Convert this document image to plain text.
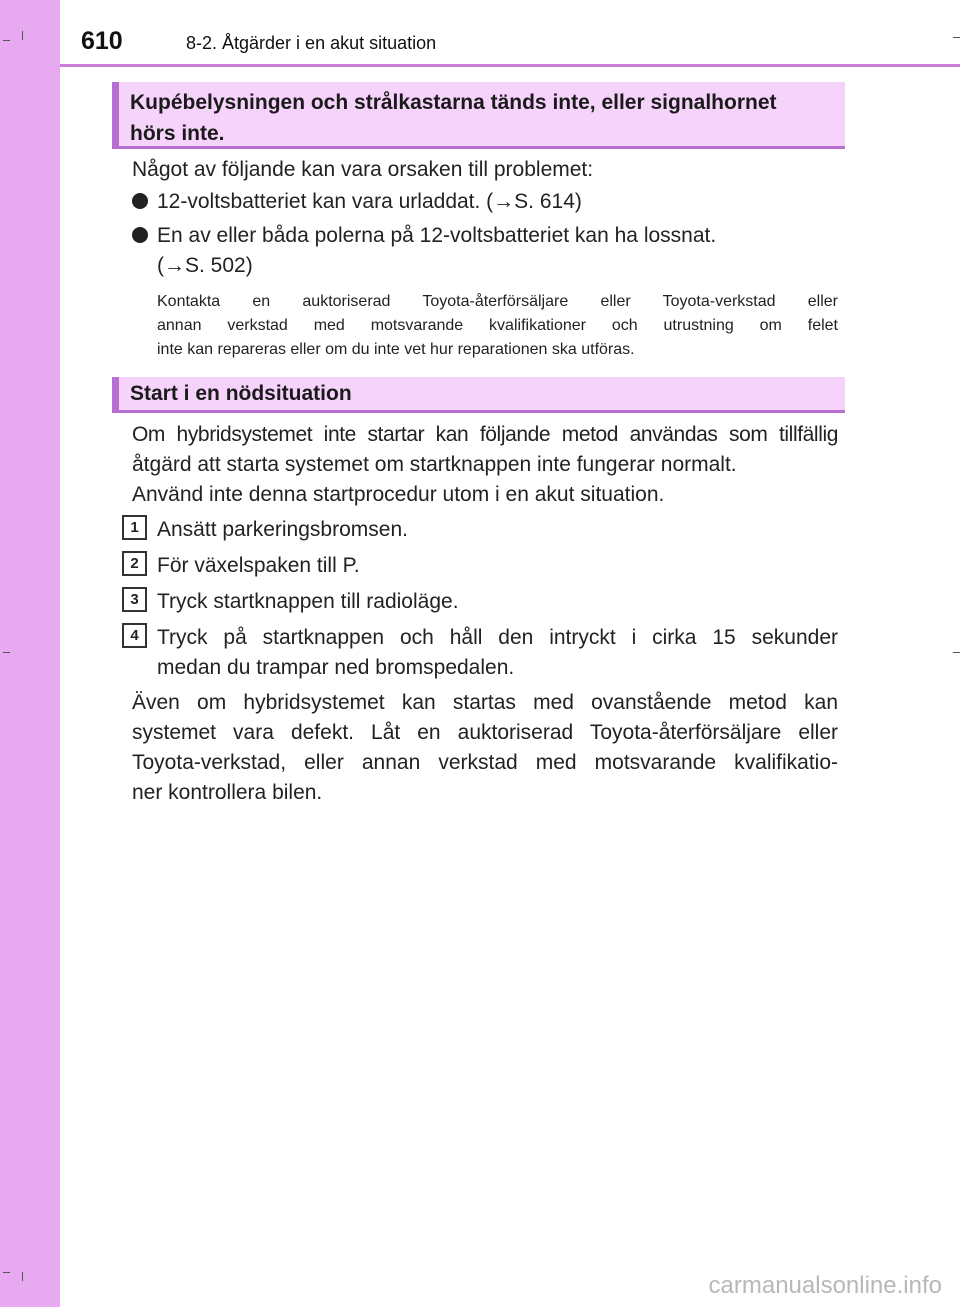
610	8-2. Åtgärder i en akut situation
Kupébelysningen och strålkastarna tänds inte, eller signalhornet
hörs inte.
Något av följande kan vara orsaken till problemet:
12-voltsbatteriet kan vara urladdat. (→S. 614)
En av eller båda polerna på 12-voltsbatteriet kan ha lossnat.
(→S. 502)
Kontakta en auktoriserad Toyota-återförsäljare eller Toyota-verkstad eller
annan verkstad med motsvarande kvalifikationer och utrustning om felet
inte kan repareras eller om du inte vet hur reparationen ska utföras.
Start i en nödsituation
Om hybridsystemet inte startar kan följande metod användas som tillfällig
åtgärd att starta systemet om startknappen inte fungerar normalt.
Använd inte denna startprocedur utom i en akut situation.
1 Ansätt parkeringsbromsen.
2 För växelspaken till P.
3 Tryck startknappen till radioläge.
4 Tryck på startknappen och håll den intryckt i cirka 15 sekunder
medan du trampar ned bromspedalen.
Även om hybridsystemet kan startas med ovanstående metod kan
systemet vara defekt. Låt en auktoriserad Toyota-återförsäljare eller
Toyota-verkstad, eller annan verkstad med motsvarande kvalifikatio-
ner kontrollera bilen.
carmanualsonline.info
